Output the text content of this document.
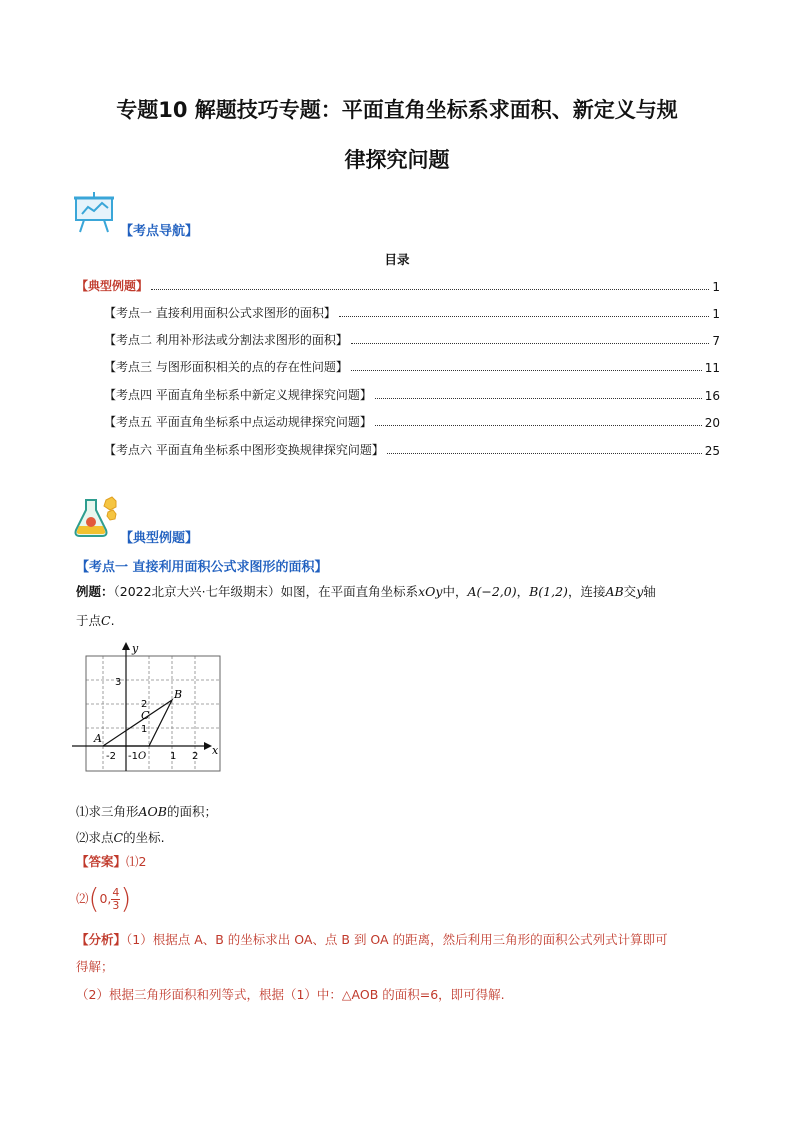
专题10 解题技巧专题：平面直角坐标系求面积、新定义与规
律探究问题
【考点导航】
目录
【典型例题】	1
【考点一 直接利用面积公式求图形的面积】	1
【考点二 利用补形法或分割法求图形的面积】	7
【考点三 与图形面积相关的点的存在性问题】	11
【考点四 平面直角坐标系中新定义规律探究问题】	16
【考点五 平面直角坐标系中点运动规律探究问题】	20
【考点六 平面直角坐标系中图形变换规律探究问题】	25
【典型例题】
【考点一 直接利用面积公式求图形的面积】
例题：（2022北京大兴·七年级期末）如图，在平面直角坐标系xOy中，A(−2,0)，B(1,2)，连接AB交y轴
于点C.
y
x
3
2
1
-2 -1 O 1 2
A
B
C
⑴求三角形AOB的面积；
⑵求点C的坐标.
【答案】⑴2
⑵ ( 0, $\frac{4}{3}$ )
【分析】（1）根据点 A、B 的坐标求出 OA、点 B 到 OA 的距离，然后利用三角形的面积公式列式计算即可
得解；
（2）根据三角形面积和列等式，根据（1）中：△AOB 的面积=6，即可得解.
